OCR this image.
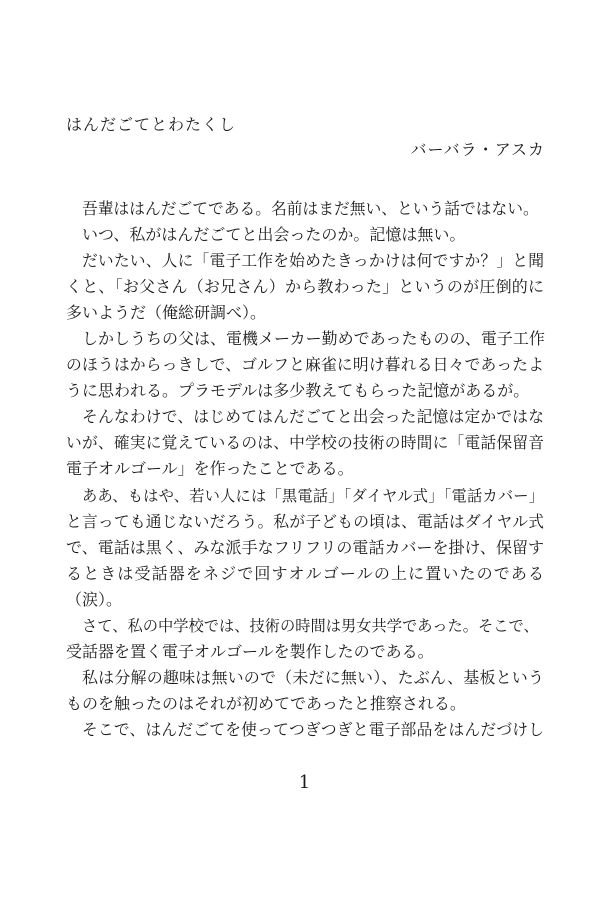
はんだごてとわたくし
バーバラ・アスカ
吾輩ははんだごてである。名前はまだ無い、という話ではない。
いつ、私がはんだごてと出会ったのか。記憶は無い。
だいたい、人に「電子工作を始めたきっかけは何ですか？」と聞
くと、「お父さん（お兄さん）から教わった」というのが圧倒的に
多いようだ（俺総研調べ）。
しかしうちの父は、電機メーカー勤めであったものの、電子工作
のほうはからっきしで、ゴルフと麻雀に明け暮れる日々であったよ
うに思われる。プラモデルは多少教えてもらった記憶があるが。
そんなわけで、はじめてはんだごてと出会った記憶は定かではな
いが、確実に覚えているのは、中学校の技術の時間に「電話保留音
電子オルゴール」を作ったことである。
ああ、もはや、若い人には「黒電話」「ダイヤル式」「電話カバー」
と言っても通じないだろう。私が子どもの頃は、電話はダイヤル式
で、電話は黒く、みな派手なフリフリの電話カバーを掛け、保留す
るときは受話器をネジで回すオルゴールの上に置いたのである
（涙）。
さて、私の中学校では、技術の時間は男女共学であった。そこで、
受話器を置く電子オルゴールを製作したのである。
私は分解の趣味は無いので（未だに無い）、たぶん、基板という
ものを触ったのはそれが初めてであったと推察される。
そこで、はんだごてを使ってつぎつぎと電子部品をはんだづけし
1
